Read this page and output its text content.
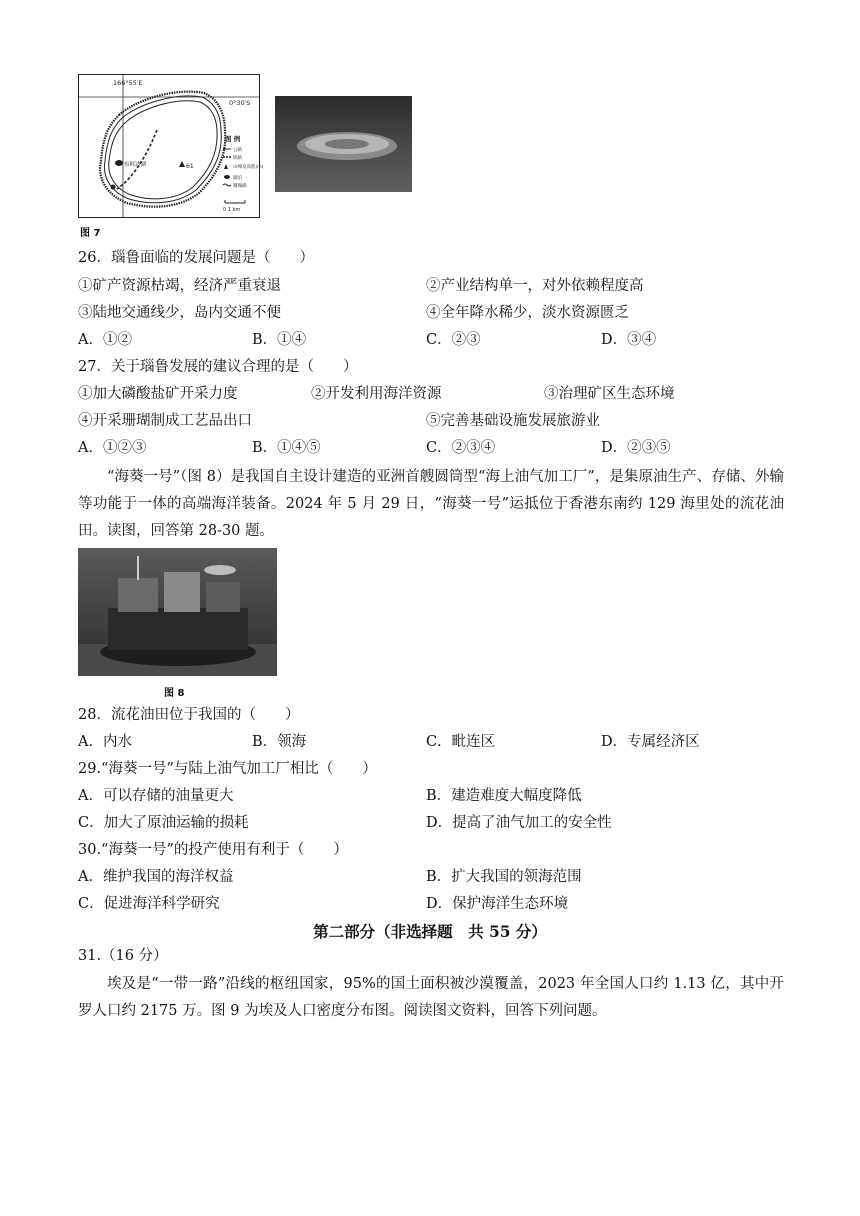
166°55′E
0°30′S
布阿达湖	61
图 例
公路
铁路
山峰及高程(m)
湖泊
珊瑚礁
0 1 km
图 7
26．瑙鲁面临的发展问题是（　　）
①矿产资源枯竭，经济严重衰退	②产业结构单一，对外依赖程度高
③陆地交通线少，岛内交通不便	④全年降水稀少，淡水资源匮乏
A．①②	B．①④	C．②③	D．③④
27．关于瑙鲁发展的建议合理的是（　　）
①加大磷酸盐矿开采力度	②开发利用海洋资源	③治理矿区生态环境
④开采珊瑚制成工艺品出口	⑤完善基础设施发展旅游业
A．①②③	B．①④⑤	C．②③④	D．②③⑤
“海葵一号”（图 8）是我国自主设计建造的亚洲首艘圆筒型“海上油气加工厂”，是集原油生产、存储、外输等功能于一体的高端海洋装备。2024 年 5 月 29 日，“海葵一号”运抵位于香港东南约 129 海里处的流花油田。读图，回答第 28-30 题。
图 8
28．流花油田位于我国的（　　）
A．内水	B．领海	C．毗连区	D．专属经济区
29.“海葵一号”与陆上油气加工厂相比（　　）
A．可以存储的油量更大	B．建造难度大幅度降低
C．加大了原油运输的损耗	D．提高了油气加工的安全性
30.“海葵一号”的投产使用有利于（　　）
A．维护我国的海洋权益	B．扩大我国的领海范围
C．促进海洋科学研究	D．保护海洋生态环境
第二部分（非选择题　共 55 分）
31.（16 分）
埃及是“一带一路”沿线的枢纽国家，95%的国土面积被沙漠覆盖，2023 年全国人口约 1.13 亿，其中开罗人口约 2175 万。图 9 为埃及人口密度分布图。阅读图文资料，回答下列问题。
